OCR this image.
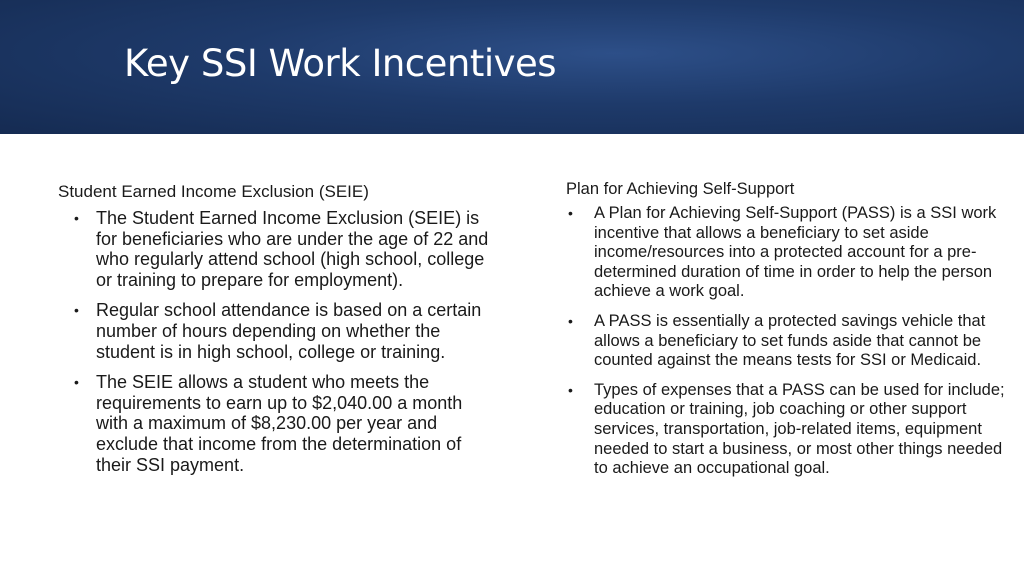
Key SSI Work Incentives

Student Earned Income Exclusion (SEIE)

• The Student Earned Income Exclusion (SEIE) is for beneficiaries who are under the age of 22 and who regularly attend school (high school, college or training to prepare for employment).
• Regular school attendance is based on a certain number of hours depending on whether the student is in high school, college or training.
• The SEIE allows a student who meets the requirements to earn up to $2,040.00 a month with a maximum of $8,230.00 per year and exclude that income from the determination of their SSI payment.

Plan for Achieving Self-Support

• A Plan for Achieving Self-Support (PASS) is a SSI work incentive that allows a beneficiary to set aside income/resources into a protected account for a pre-determined duration of time in order to help the person achieve a work goal.
• A PASS is essentially a protected savings vehicle that allows a beneficiary to set funds aside that cannot be counted against the means tests for SSI or Medicaid.
• Types of expenses that a PASS can be used for include; education or training, job coaching or other support services, transportation, job-related items, equipment needed to start a business, or most other things needed to achieve an occupational goal.
